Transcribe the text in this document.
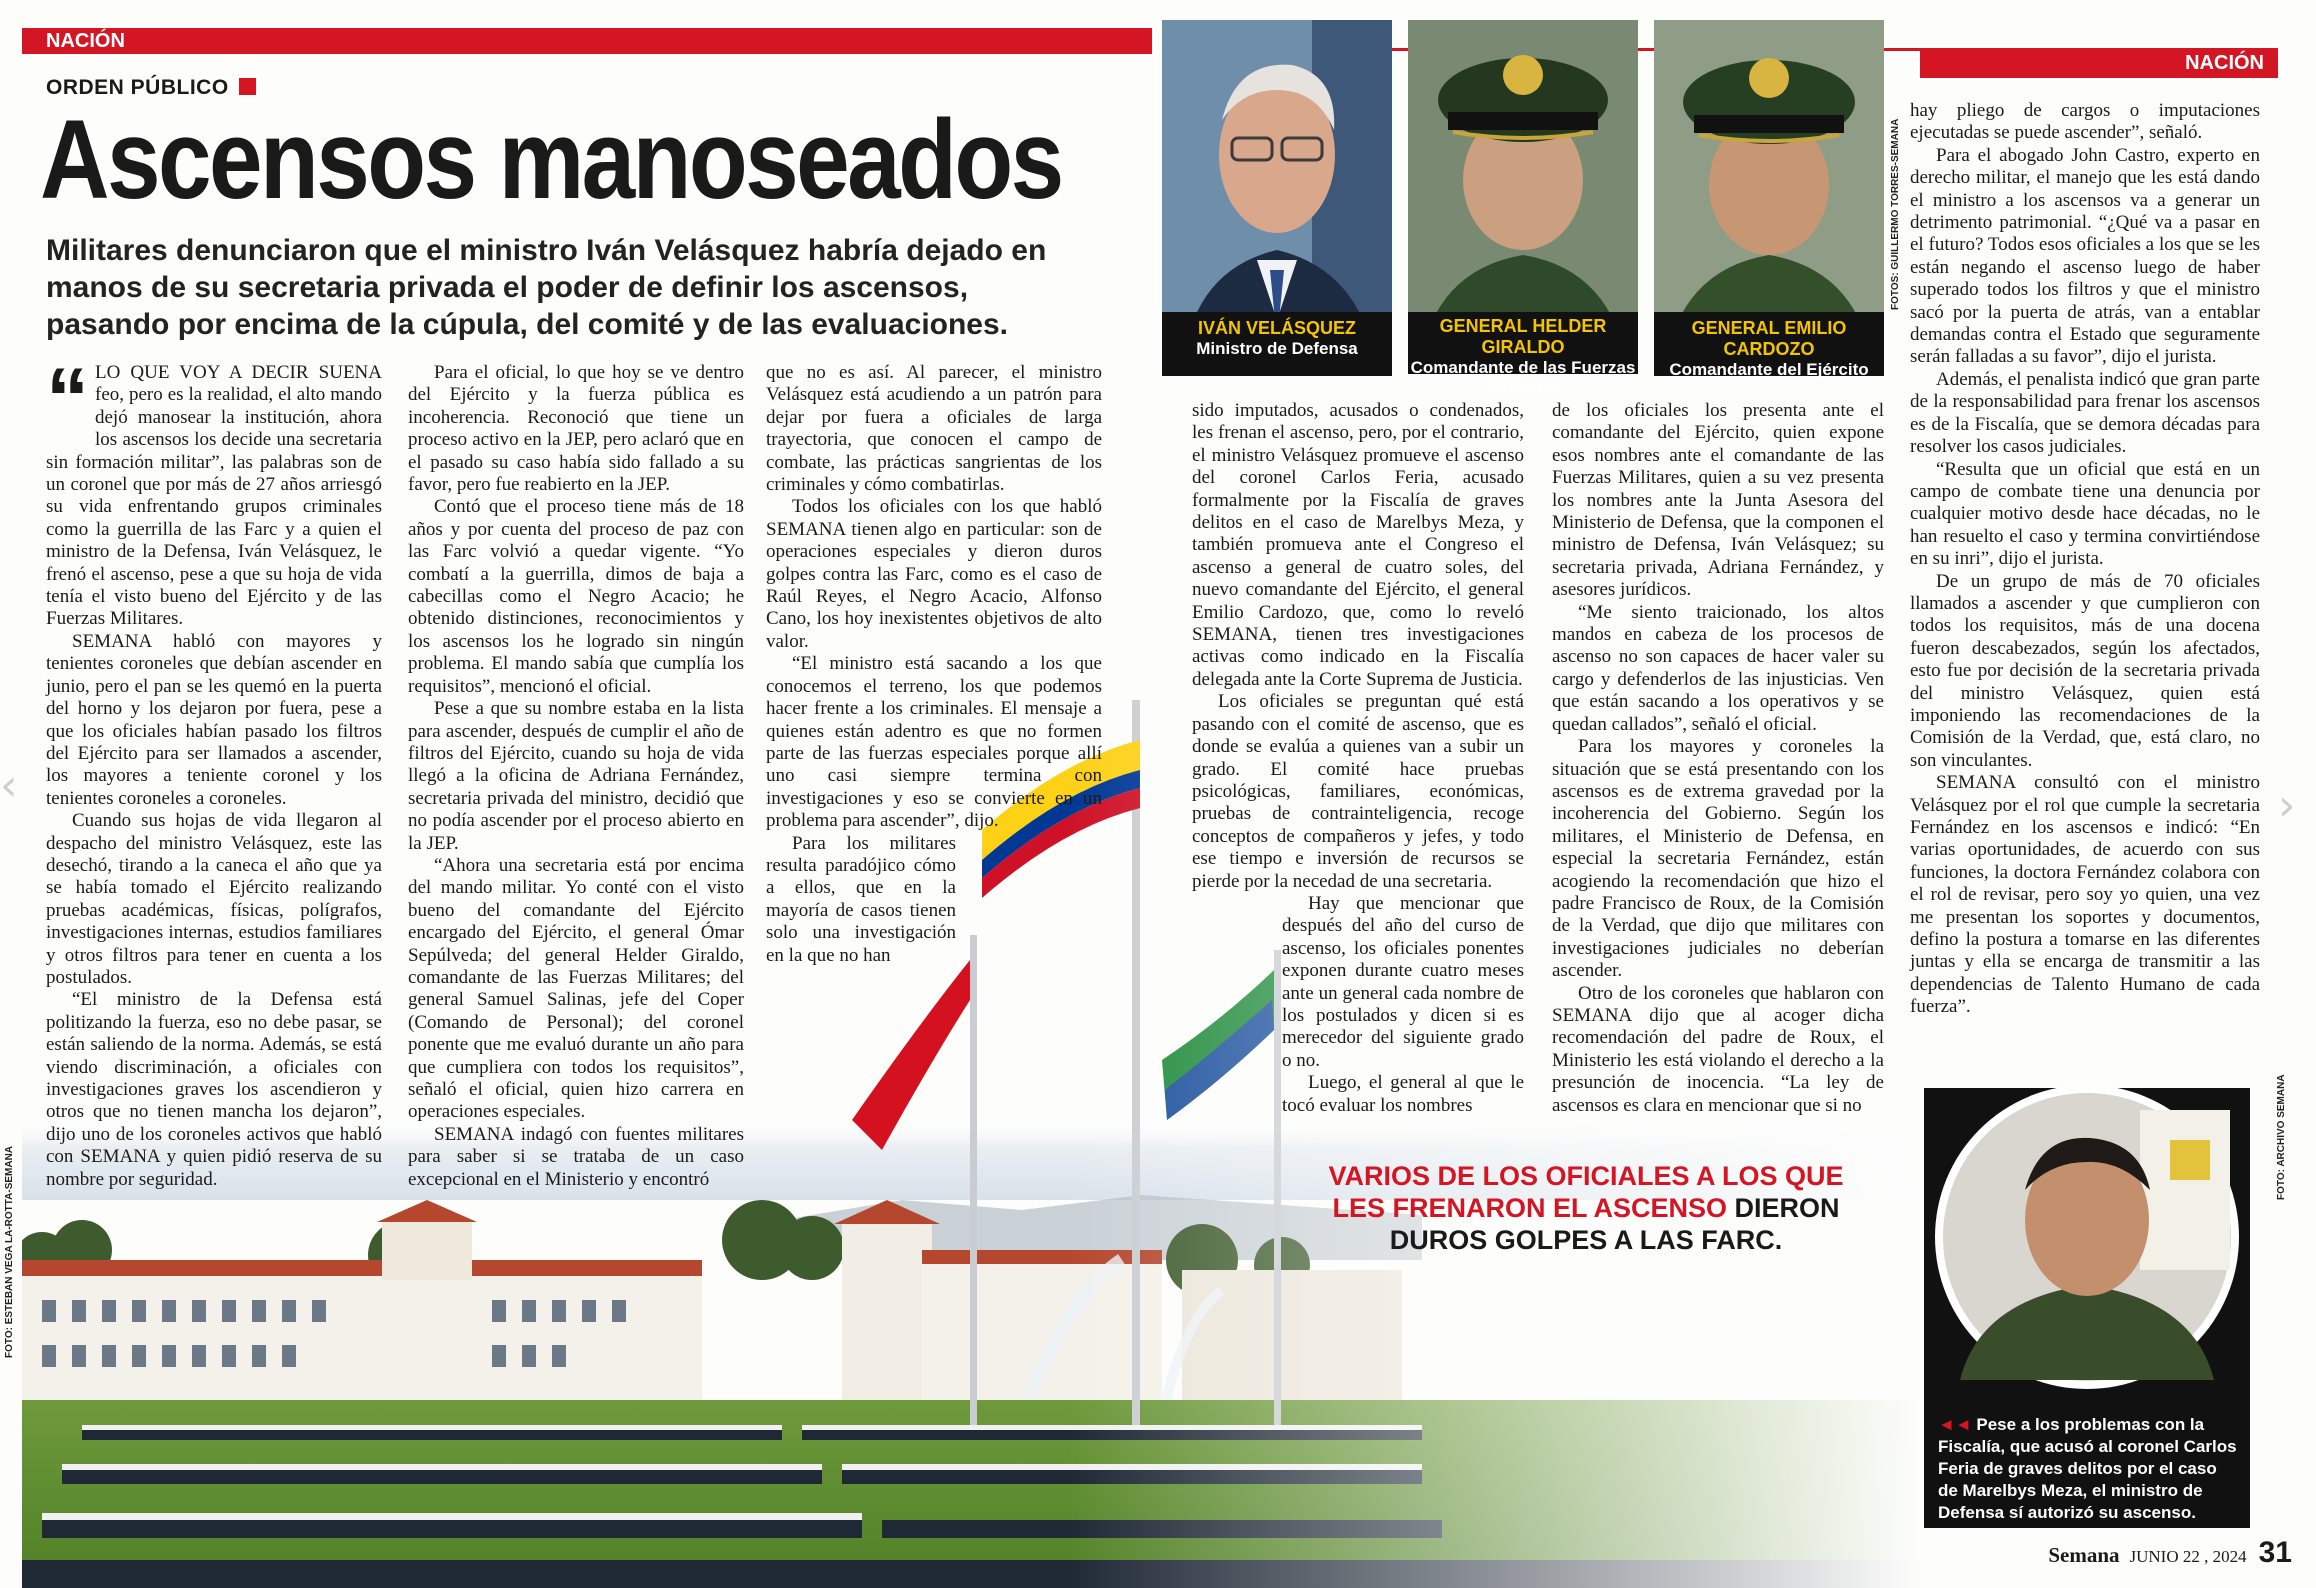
‹	›
NACIÓN
NACIÓN
ORDEN PÚBLICO
Ascensos manoseados
Militares denunciaron que el ministro Iván Velásquez habría dejado en manos de su secretaria privada el poder de definir los ascensos, pasando por encima de la cúpula, del comité y de las evaluaciones.	IVÁN VELÁSQUEZ
Ministro de Defensa
GENERAL HELDER GIRALDO
Comandante de las Fuerzas Militares
GENERAL EMILIO CARDOZO
Comandante del Ejército
FOTOS: GUILLERMO TORRES-SEMANA
FOTO: ESTEBAN VEGA LA-ROTTA-SEMANA
FOTO: ARCHIVO SEMANA
“ LO QUE VOY A DECIR SUENA feo, pero es la realidad, el alto mando dejó manosear la institución, ahora los ascensos los decide una secretaria sin formación militar”, las palabras son de un coronel que por más de 27 años arriesgó su vida enfrentando grupos criminales como la guerrilla de las Farc y a quien el ministro de la Defensa, Iván Velásquez, le frenó el ascenso, pese a que su hoja de vida tenía el visto bueno del Ejército y de las Fuerzas Militares.

SEMANA habló con mayores y tenientes coroneles que debían ascender en junio, pero el pan se les quemó en la puerta del horno y los dejaron por fuera, pese a que los oficiales habían pasado los filtros del Ejército para ser llamados a ascender, los mayores a teniente coronel y los tenientes coroneles a coroneles.

Cuando sus hojas de vida llegaron al despacho del ministro Velásquez, este las desechó, tirando a la caneca el año que ya se había tomado el Ejército realizando pruebas académicas, físicas, polígrafos, investigaciones internas, estudios familiares y otros filtros para tener en cuenta a los postulados.

“El ministro de la Defensa está politizando la fuerza, eso no debe pasar, se están saliendo de la norma. Además, se está viendo discriminación, a oficiales con investigaciones graves los ascendieron y otros que no tienen mancha los dejaron”, dijo uno de los coroneles activos que habló con SEMANA y quien pidió reserva de su nombre por seguridad.

Para el oficial, lo que hoy se ve dentro del Ejército y la fuerza pública es incoherencia. Reconoció que tiene un proceso activo en la JEP, pero aclaró que en el pasado su caso había sido fallado a su favor, pero fue reabierto en la JEP.

Contó que el proceso tiene más de 18 años y por cuenta del proceso de paz con las Farc volvió a quedar vigente. “Yo combatí a la guerrilla, dimos de baja a cabecillas como el Negro Acacio; he obtenido distinciones, reconocimientos y los ascensos los he logrado sin ningún problema. El mando sabía que cumplía los requisitos”, mencionó el oficial.

Pese a que su nombre estaba en la lista para ascender, después de cumplir el año de filtros del Ejército, cuando su hoja de vida llegó a la oficina de Adriana Fernández, secretaria privada del ministro, decidió que no podía ascender por el proceso abierto en la JEP.

“Ahora una secretaria está por encima del mando militar. Yo conté con el visto bueno del comandante del Ejército encargado del Ejército, el general Ómar Sepúlveda; del general Helder Giraldo, comandante de las Fuerzas Militares; del general Samuel Salinas, jefe del Coper (Comando de Personal); del coronel ponente que me evaluó durante un año para que cumpliera con todos los requisitos”, señaló el oficial, quien hizo carrera en operaciones especiales.

SEMANA indagó con fuentes militares para saber si se trataba de un caso excepcional en el Ministerio y encontró

que no es así. Al parecer, el ministro Velásquez está acudiendo a un patrón para dejar por fuera a oficiales de larga trayectoria, que conocen el campo de combate, las prácticas sangrientas de los criminales y cómo combatirlas.

Todos los oficiales con los que habló SEMANA tienen algo en particular: son de operaciones especiales y dieron duros golpes contra las Farc, como es el caso de Raúl Reyes, el Negro Acacio, Alfonso Cano, los hoy inexistentes objetivos de alto valor.

“El ministro está sacando a los que conocemos el terreno, los que podemos hacer frente a los criminales. El mensaje a quienes están adentro es que no formen parte de las fuerzas especiales porque allí uno casi siempre termina con investigaciones y eso se convierte en un problema para ascender”, dijo.

Para los militares resulta paradójico cómo a ellos, que en la mayoría de casos tienen solo una investigación en la que no han

sido imputados, acusados o condenados, les frenan el ascenso, pero, por el contrario, el ministro Velásquez promueve el ascenso del coronel Carlos Feria, acusado formalmente por la Fiscalía de graves delitos en el caso de Marelbys Meza, y también promueva ante el Congreso el ascenso a general de cuatro soles, del nuevo comandante del Ejército, el general Emilio Cardozo, que, como lo reveló SEMANA, tienen tres investigaciones activas como indicado en la Fiscalía delegada ante la Corte Suprema de Justicia.

Los oficiales se preguntan qué está pasando con el comité de ascenso, que es donde se evalúa a quienes van a subir un grado. El comité hace pruebas psicológicas, familiares, económicas, pruebas de contrainteligencia, recoge conceptos de compañeros y jefes, y todo ese tiempo e inversión de recursos se pierde por la necedad de una secretaria.

Hay que mencionar que después del año del curso de ascenso, los oficiales ponentes exponen durante cuatro meses ante un general cada nombre de los postulados y dicen si es merecedor del siguiente grado o no.

Luego, el general al que le tocó evaluar los nombres

de los oficiales los presenta ante el comandante del Ejército, quien expone esos nombres ante el comandante de las Fuerzas Militares, quien a su vez presenta los nombres ante la Junta Asesora del Ministerio de Defensa, que la componen el ministro de Defensa, Iván Velásquez; su secretaria privada, Adriana Fernández, y asesores jurídicos.

“Me siento traicionado, los altos mandos en cabeza de los procesos de ascenso no son capaces de hacer valer su cargo y defenderlos de las injusticias. Ven que están sacando a los operativos y se quedan callados”, señaló el oficial.

Para los mayores y coroneles la situación que se está presentando con los ascensos es de extrema gravedad por la incoherencia del Gobierno. Según los militares, el Ministerio de Defensa, en especial la secretaria Fernández, están acogiendo la recomendación que hizo el padre Francisco de Roux, de la Comisión de la Verdad, que dijo que militares con investigaciones judiciales no deberían ascender.

Otro de los coroneles que hablaron con SEMANA dijo que al acoger dicha recomendación del padre de Roux, el Ministerio les está violando el derecho a la presunción de inocencia. “La ley de ascensos es clara en mencionar que si no

hay pliego de cargos o imputaciones ejecutadas se puede ascender”, señaló.

Para el abogado John Castro, experto en derecho militar, el manejo que les está dando el ministro a los ascensos va a generar un detrimento patrimonial. “¿Qué va a pasar en el futuro? Todos esos oficiales a los que se les están negando el ascenso luego de haber superado todos los filtros y que el ministro sacó por la puerta de atrás, van a entablar demandas contra el Estado que seguramente serán falladas a su favor”, dijo el jurista.

Además, el penalista indicó que gran parte de la responsabilidad para frenar los ascensos es de la Fiscalía, que se demora décadas para resolver los casos judiciales.

“Resulta que un oficial que está en un campo de combate tiene una denuncia por cualquier motivo desde hace décadas, no le han resuelto el caso y termina convirtiéndose en su inri”, dijo el jurista.

De un grupo de más de 70 oficiales llamados a ascender y que cumplieron con todos los requisitos, más de una docena fueron descabezados, según los afectados, esto fue por decisión de la secretaria privada del ministro Velásquez, quien está imponiendo las recomendaciones de la Comisión de la Verdad, que, está claro, no son vinculantes.

SEMANA consultó con el ministro Velásquez por el rol que cumple la secretaria Fernández en los ascensos e indicó: “En varias oportunidades, de acuerdo con sus funciones, la doctora Fernández colabora con el rol de revisar, pero soy yo quien, una vez me presentan los soportes y documentos, defino la postura a tomarse en las diferentes juntas y ella se encarga de transmitir a las dependencias de Talento Humano de cada fuerza”.

VARIOS DE LOS OFICIALES A LOS QUE LES FRENARON EL ASCENSO DIERON DUROS GOLPES A LAS FARC.
◄◄ Pese a los problemas con la Fiscalía, que acusó al coronel Carlos Feria de graves delitos por el caso de Marelbys Meza, el ministro de Defensa sí autorizó su ascenso.
Semana JUNIO 22 , 2024 31
